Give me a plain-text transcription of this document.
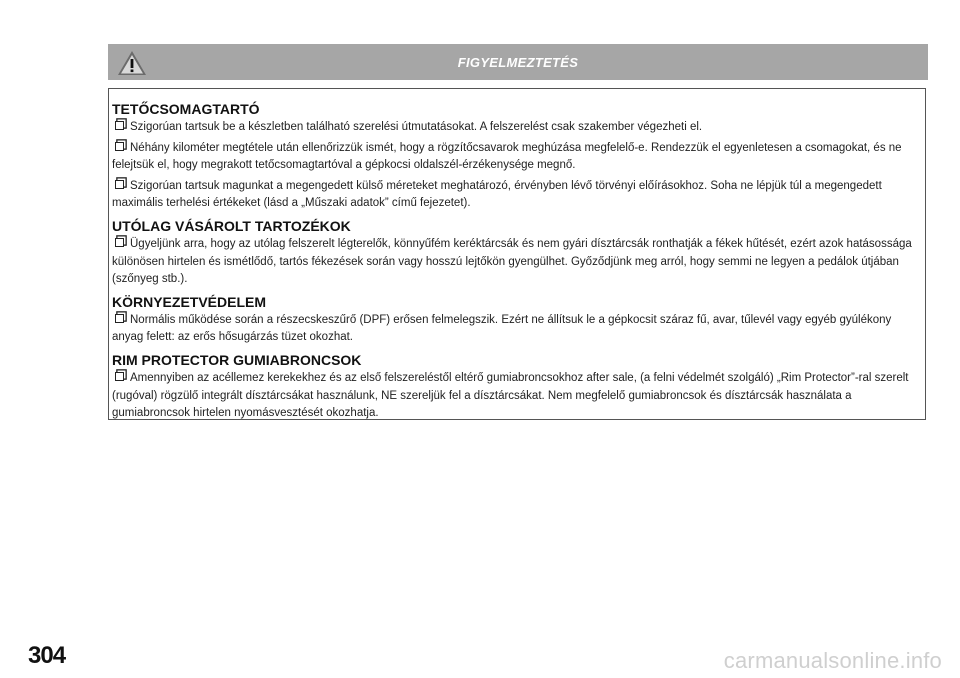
FIGYELMEZTETÉS
TETŐCSOMAGTARTÓ
Szigorúan tartsuk be a készletben található szerelési útmutatásokat. A felszerelést csak szakember végezheti el.
Néhány kilométer megtétele után ellenőrizzük ismét, hogy a rögzítőcsavarok meghúzása megfelelő-e. Rendezzük el egyenletesen a csomagokat, és ne felejtsük el, hogy megrakott tetőcsomagtartóval a gépkocsi oldalszél-érzékenysége megnő.
Szigorúan tartsuk magunkat a megengedett külső méreteket meghatározó, érvényben lévő törvényi előírásokhoz. Soha ne lépjük túl a megengedett maximális terhelési értékeket (lásd a „Műszaki adatok” című fejezetet).
UTÓLAG VÁSÁROLT TARTOZÉKOK
Ügyeljünk arra, hogy az utólag felszerelt légterelők, könnyűfém keréktárcsák és nem gyári dísztárcsák ronthatják a fékek hűtését, ezért azok hatásossága különösen hirtelen és ismétlődő, tartós fékezések során vagy hosszú lejtőkön gyengülhet. Győződjünk meg arról, hogy semmi ne legyen a pedálok útjában (szőnyeg stb.).
KÖRNYEZETVÉDELEM
Normális működése során a részecskeszűrő (DPF) erősen felmelegszik. Ezért ne állítsuk le a gépkocsit száraz fű, avar, tűlevél vagy egyéb gyúlékony anyag felett: az erős hősugárzás tüzet okozhat.
RIM PROTECTOR GUMIABRONCSOK
Amennyiben az acélleme​z kerekekhez és az első felszereléstől eltérő gumiabroncsokhoz after sale, (a felni védelmét szolgáló) „Rim Protector”-ral szerelt (rugóval) rögzülő integrált dísztárcsákat használunk, NE szereljük fel a dísztárcsákat. Nem megfelelő gumiabroncsok és dísztárcsák használata a gumiabroncsok hirtelen nyomásvesztését okozhatja.
304	carmanualsonline.info
